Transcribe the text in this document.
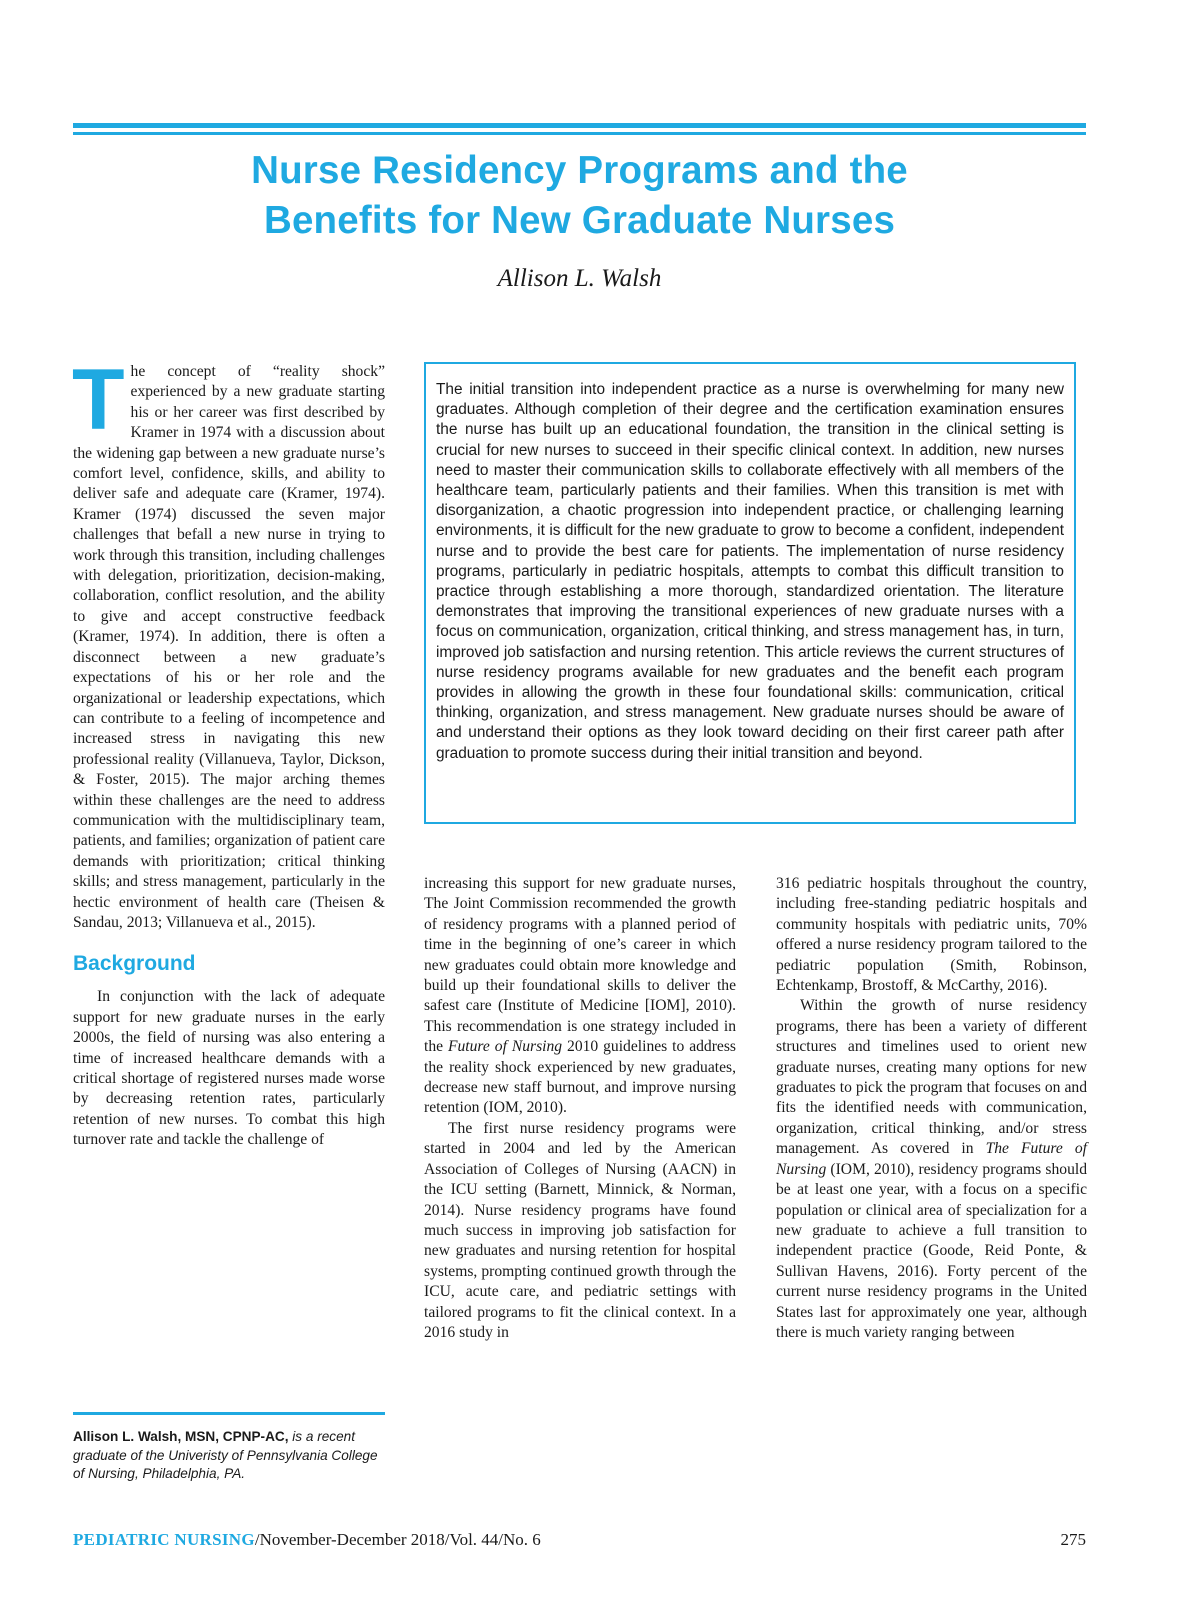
Nurse Residency Programs and the
Benefits for New Graduate Nurses
Allison L. Walsh

The concept of “reality shock” experienced by a new graduate starting his or her career was first described by Kramer in 1974 with a discussion about the widening gap between a new graduate nurse’s comfort level, confidence, skills, and ability to deliver safe and adequate care (Kramer, 1974). Kramer (1974) discussed the seven major challenges that befall a new nurse in trying to work through this transition, including challenges with delegation, prioritization, decision-making, collaboration, conflict resolution, and the ability to give and accept constructive feedback (Kramer, 1974). In addition, there is often a disconnect between a new graduate’s expectations of his or her role and the organizational or leadership expectations, which can contribute to a feeling of incompetence and increased stress in navigating this new professional reality (Villanueva, Taylor, Dickson, & Foster, 2015). The major arching themes within these challenges are the need to address communication with the multidisciplinary team, patients, and families; organization of patient care demands with prioritization; critical thinking skills; and stress management, particularly in the hectic environment of health care (Theisen & Sandau, 2013; Villanueva et al., 2015).

Background

In conjunction with the lack of adequate support for new graduate nurses in the early 2000s, the field of nursing was also entering a time of increased healthcare demands with a critical shortage of registered nurses made worse by decreasing retention rates, particularly retention of new nurses. To combat this high turnover rate and tackle the challenge of

The initial transition into independent practice as a nurse is overwhelming for many new graduates. Although completion of their degree and the certification examination ensures the nurse has built up an educational foundation, the transition in the clinical setting is crucial for new nurses to succeed in their specific clinical context. In addition, new nurses need to master their communication skills to collaborate effectively with all members of the healthcare team, particularly patients and their families. When this transition is met with disorganization, a chaotic progression into independent practice, or challenging learning environments, it is difficult for the new graduate to grow to become a confident, independent nurse and to provide the best care for patients. The implementation of nurse residency programs, particularly in pediatric hospitals, attempts to combat this difficult transition to practice through establishing a more thorough, standardized orientation. The literature demonstrates that improving the transitional experiences of new graduate nurses with a focus on communication, organization, critical thinking, and stress management has, in turn, improved job satisfaction and nursing retention. This article reviews the current structures of nurse residency programs available for new graduates and the benefit each program provides in allowing the growth in these four foundational skills: communication, critical thinking, organization, and stress management. New graduate nurses should be aware of and understand their options as they look toward deciding on their first career path after graduation to promote success during their initial transition and beyond.

increasing this support for new graduate nurses, The Joint Commission recommended the growth of residency programs with a planned period of time in the beginning of one’s career in which new graduates could obtain more knowledge and build up their foundational skills to deliver the safest care (Institute of Medicine [IOM], 2010). This recommendation is one strategy included in the Future of Nursing 2010 guidelines to address the reality shock experienced by new graduates, decrease new staff burnout, and improve nursing retention (IOM, 2010).

The first nurse residency programs were started in 2004 and led by the American Association of Colleges of Nursing (AACN) in the ICU setting (Barnett, Minnick, & Norman, 2014). Nurse residency programs have found much success in improving job satisfaction for new graduates and nursing retention for hospital systems, prompting continued growth through the ICU, acute care, and pediatric settings with tailored programs to fit the clinical context. In a 2016 study in

316 pediatric hospitals throughout the country, including free-standing pediatric hospitals and community hospitals with pediatric units, 70% offered a nurse residency program tailored to the pediatric population (Smith, Robinson, Echtenkamp, Brostoff, & McCarthy, 2016).

Within the growth of nurse residency programs, there has been a variety of different structures and timelines used to orient new graduate nurses, creating many options for new graduates to pick the program that focuses on and fits the identified needs with communication, organization, critical thinking, and/or stress management. As covered in The Future of Nursing (IOM, 2010), residency programs should be at least one year, with a focus on a specific population or clinical area of specialization for a new graduate to achieve a full transition to independent practice (Goode, Reid Ponte, & Sullivan Havens, 2016). Forty percent of the current nurse residency programs in the United States last for approximately one year, although there is much variety ranging between

Allison L. Walsh, MSN, CPNP-AC, is a recent graduate of the Univeristy of Pennsylvania College of Nursing, Philadelphia, PA.
PEDIATRIC NURSING/November-December 2018/Vol. 44/No. 6	275
